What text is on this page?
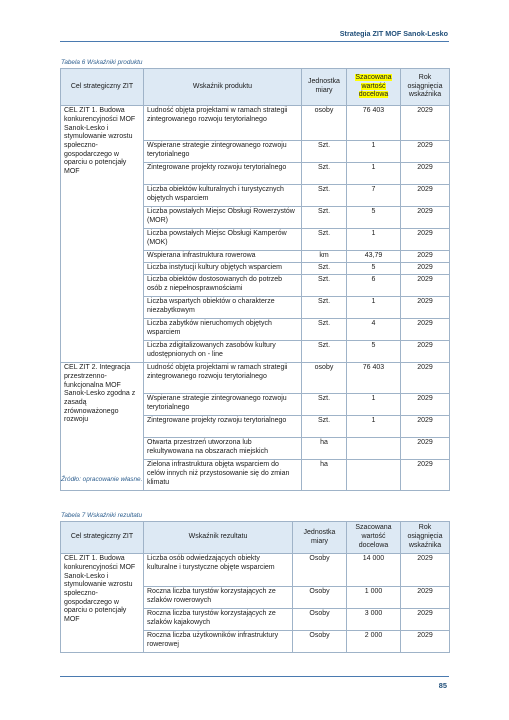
Strategia ZIT MOF Sanok-Lesko
Tabela 6 Wskaźniki produktu
Cel strategiczny ZIT	Wskaźnik produktu	Jednostka miary	Szacowana wartość docelowa	Rok osiągnięcia wskaźnika
CEL ZIT 1. Budowa konkurencyjności MOF Sanok-Lesko i stymulowanie wzrostu społeczno-gospodarczego w oparciu o potencjały MOF	Ludność objęta projektami w ramach strategii zintegrowanego rozwoju terytorialnego	osoby	76 403	2029
	Wspierane strategie zintegrowanego rozwoju terytorialnego	Szt.	1	2029
	Zintegrowane projekty rozwoju terytorialnego	Szt.	1	2029
	Liczba obiektów kulturalnych i turystycznych objętych wsparciem	Szt.	7	2029
	Liczba powstałych Miejsc Obsługi Rowerzystów (MOR)	Szt.	5	2029
	Liczba powstałych Miejsc Obsługi Kamperów (MOK)	Szt.	1	2029
	Wspierana infrastruktura rowerowa	km	43,79	2029
	Liczba instytucji kultury objętych wsparciem	Szt.	5	2029
	Liczba obiektów dostosowanych do potrzeb osób z niepełnosprawnościami	Szt.	6	2029
	Liczba wspartych obiektów o charakterze niezabytkowym	Szt.	1	2029
	Liczba zabytków nieruchomych objętych wsparciem	Szt.	4	2029
	Liczba zdigitalizowanych zasobów kultury udostępnionych on - line	Szt.	5	2029
CEL ZIT 2. Integracja przestrzenno-funkcjonalna MOF Sanok-Lesko zgodna z zasadą zrównoważonego rozwoju	Ludność objęta projektami w ramach strategii zintegrowanego rozwoju terytorialnego	osoby	76 403	2029
	Wspierane strategie zintegrowanego rozwoju terytorialnego	Szt.	1	2029
	Zintegrowane projekty rozwoju terytorialnego	Szt.	1	2029
	Otwarta przestrzeń utworzona lub rekultywowana na obszarach miejskich	ha		2029
	Zielona infrastruktura objęta wsparciem do celów innych niż przystosowanie się do zmian klimatu	ha		2029
Źródło: opracowanie własne.
Tabela 7 Wskaźniki rezultatu
Cel strategiczny ZIT	Wskaźnik rezultatu	Jednostka miary	Szacowana wartość docelowa	Rok osiągnięcia wskaźnika
CEL ZIT 1. Budowa konkurencyjności MOF Sanok-Lesko i stymulowanie wzrostu społeczno-gospodarczego w oparciu o potencjały MOF	Liczba osób odwiedzających obiekty kulturalne i turystyczne objęte wsparciem	Osoby	14 000	2029
	Roczna liczba turystów korzystających ze szlaków rowerowych	Osoby	1 000	2029
	Roczna liczba turystów korzystających ze szlaków kajakowych	Osoby	3 000	2029
	Roczna liczba użytkowników infrastruktury rowerowej	Osoby	2 000	2029
85
